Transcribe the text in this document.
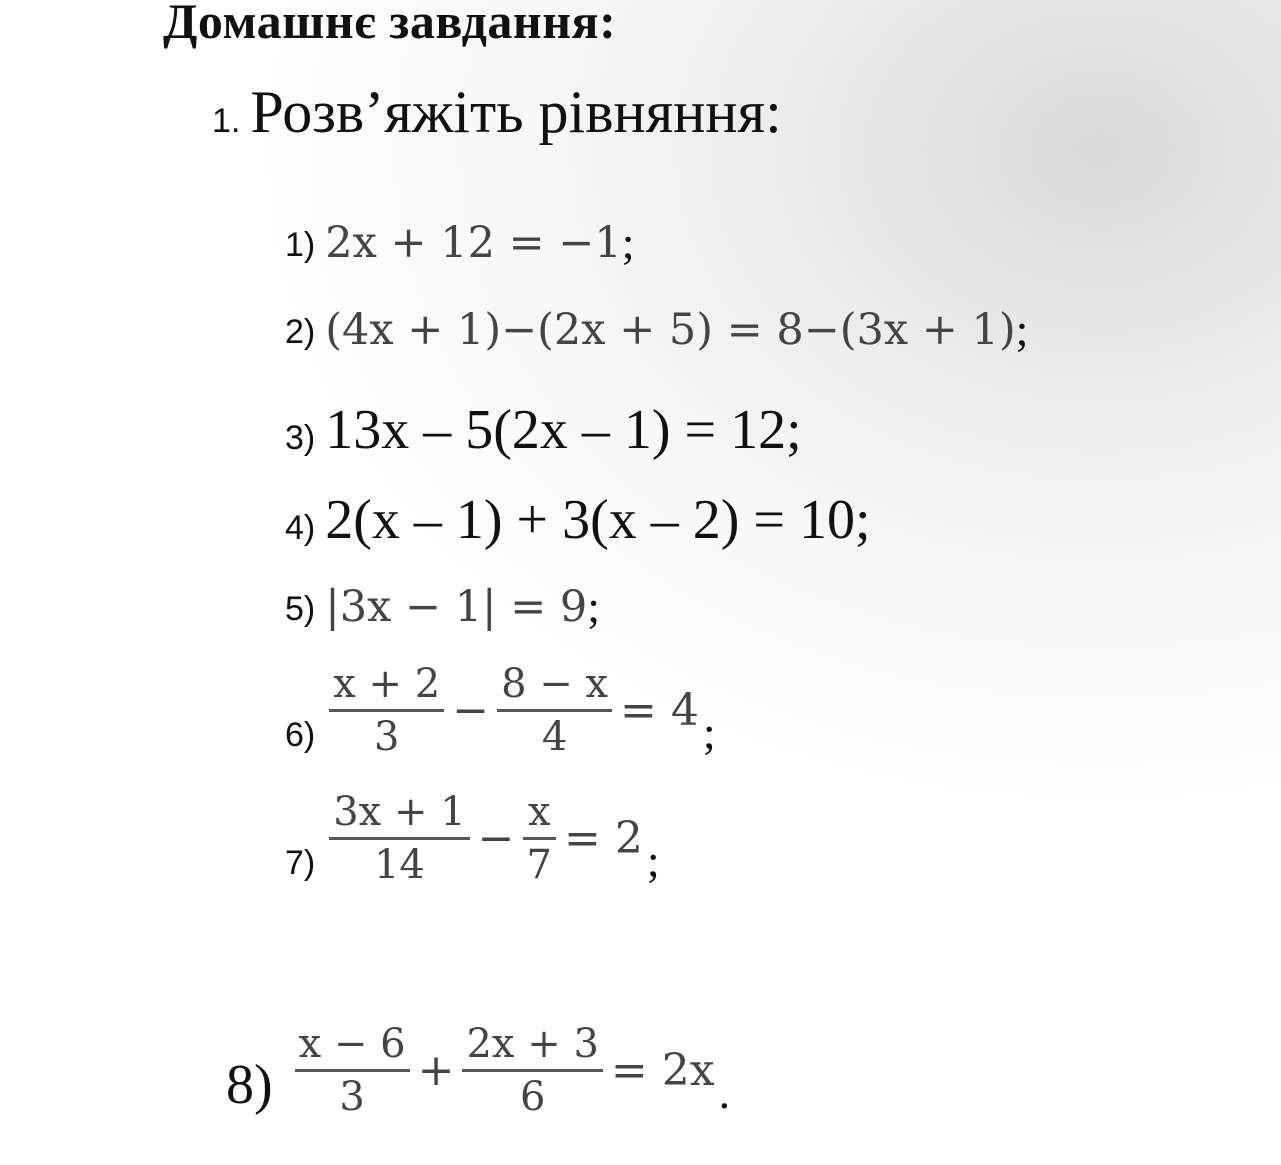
Домашнє завдання:
1. Розв’яжіть рівняння:
1) 2x + 12 = −1 ;
2) (4x + 1)−(2x + 5) = 8−(3x + 1) ;
3) 13x – 5(2x – 1) = 12;
4) 2(x – 1) + 3(x – 2) = 10;
5) |3x − 1| = 9 ;
$6) \frac{x + 2}{3} - \frac{8 - x}{4} = 4$ ;
$7) \frac{3x + 1}{14} - \frac{x}{7} = 2$ ;
$8) \frac{x - 6}{3} + \frac{2x + 3}{6} = 2x$ .
